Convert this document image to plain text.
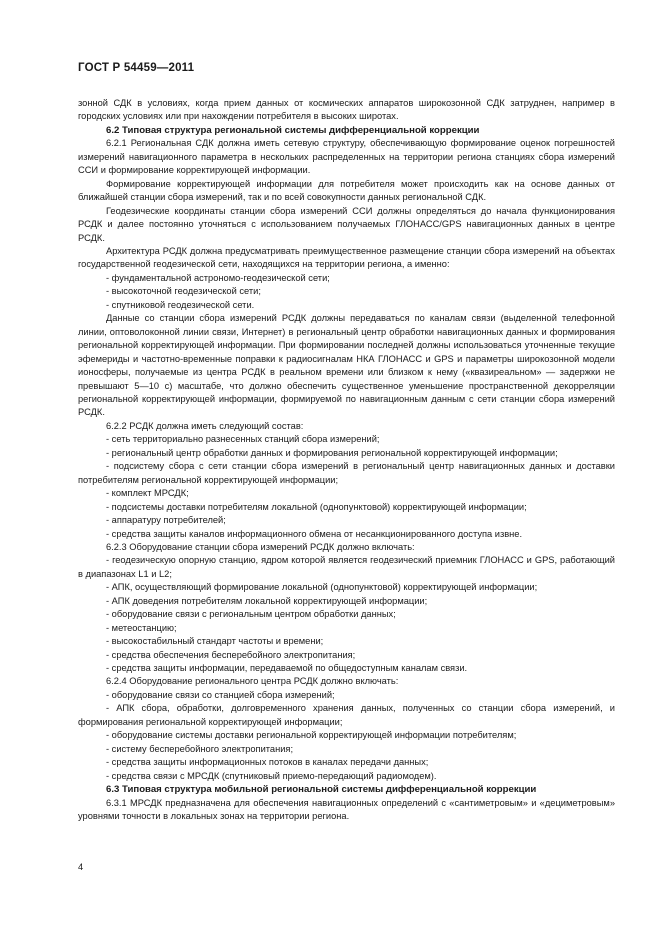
ГОСТ Р 54459—2011

зонной СДК в условиях, когда прием данных от космических аппаратов широкозонной СДК затруднен, например в городских условиях или при нахождении потребителя в высоких широтах.

6.2 Типовая структура региональной системы дифференциальной коррекции

6.2.1 Региональная СДК должна иметь сетевую структуру, обеспечивающую формирование оценок погрешностей измерений навигационного параметра в нескольких распределенных на территории региона станциях сбора измерений ССИ и формирование корректирующей информации.

Формирование корректирующей информации для потребителя может происходить как на основе данных от ближайшей станции сбора измерений, так и по всей совокупности данных региональной СДК.

Геодезические координаты станции сбора измерений ССИ должны определяться до начала функционирования РСДК и далее постоянно уточняться с использованием получаемых ГЛОНАСС/GPS навигационных данных в центре РСДК.

Архитектура РСДК должна предусматривать преимущественное размещение станции сбора измерений на объектах государственной геодезической сети, находящихся на территории региона, а именно:

- фундаментальной астрономо-геодезической сети;

- высокоточной геодезической сети;

- спутниковой геодезической сети.

Данные со станции сбора измерений РСДК должны передаваться по каналам связи (выделенной телефонной линии, оптоволоконной линии связи, Интернет) в региональный центр обработки навигационных данных и формирования региональной корректирующей информации. При формировании последней должны использоваться уточненные текущие эфемериды и частотно-временные поправки к радиосигналам НКА ГЛОНАСС и GPS и параметры широкозонной модели ионосферы, получаемые из центра РСДК в реальном времени или близком к нему («квазиреальном» — задержки не превышают 5—10 с) масштабе, что должно обеспечить существенное уменьшение пространственной декорреляции региональной корректирующей информации, формируемой по навигационным данным с сети станции сбора измерений РСДК.

6.2.2 РСДК должна иметь следующий состав:

- сеть территориально разнесенных станций сбора измерений;

- региональный центр обработки данных и формирования региональной корректирующей информации;

- подсистему сбора с сети станции сбора измерений в региональный центр навигационных данных и доставки потребителям региональной корректирующей информации;

- комплект МРСДК;

- подсистемы доставки потребителям локальной (однопунктовой) корректирующей информации;

- аппаратуру потребителей;

- средства защиты каналов информационного обмена от несанкционированного доступа извне.

6.2.3 Оборудование станции сбора измерений РСДК должно включать:

- геодезическую опорную станцию, ядром которой является геодезический приемник ГЛОНАСС и GPS, работающий в диапазонах L1 и L2;

- АПК, осуществляющий формирование локальной (однопунктовой) корректирующей информации;

- АПК доведения потребителям локальной корректирующей информации;

- оборудование связи с региональным центром обработки данных;

- метеостанцию;

- высокостабильный стандарт частоты и времени;

- средства обеспечения бесперебойного электропитания;

- средства защиты информации, передаваемой по общедоступным каналам связи.

6.2.4 Оборудование регионального центра РСДК должно включать:

- оборудование связи со станцией сбора измерений;

- АПК сбора, обработки, долговременного хранения данных, полученных со станции сбора измерений, и формирования региональной корректирующей информации;

- оборудование системы доставки региональной корректирующей информации потребителям;

- систему бесперебойного электропитания;

- средства защиты информационных потоков в каналах передачи данных;

- средства связи с МРСДК (спутниковый приемо-передающий радиомодем).

6.3 Типовая структура мобильной региональной системы дифференциальной коррекции

6.3.1 МРСДК предназначена для обеспечения навигационных определений с «сантиметровым» и «дециметровым» уровнями точности в локальных зонах на территории региона.

4
